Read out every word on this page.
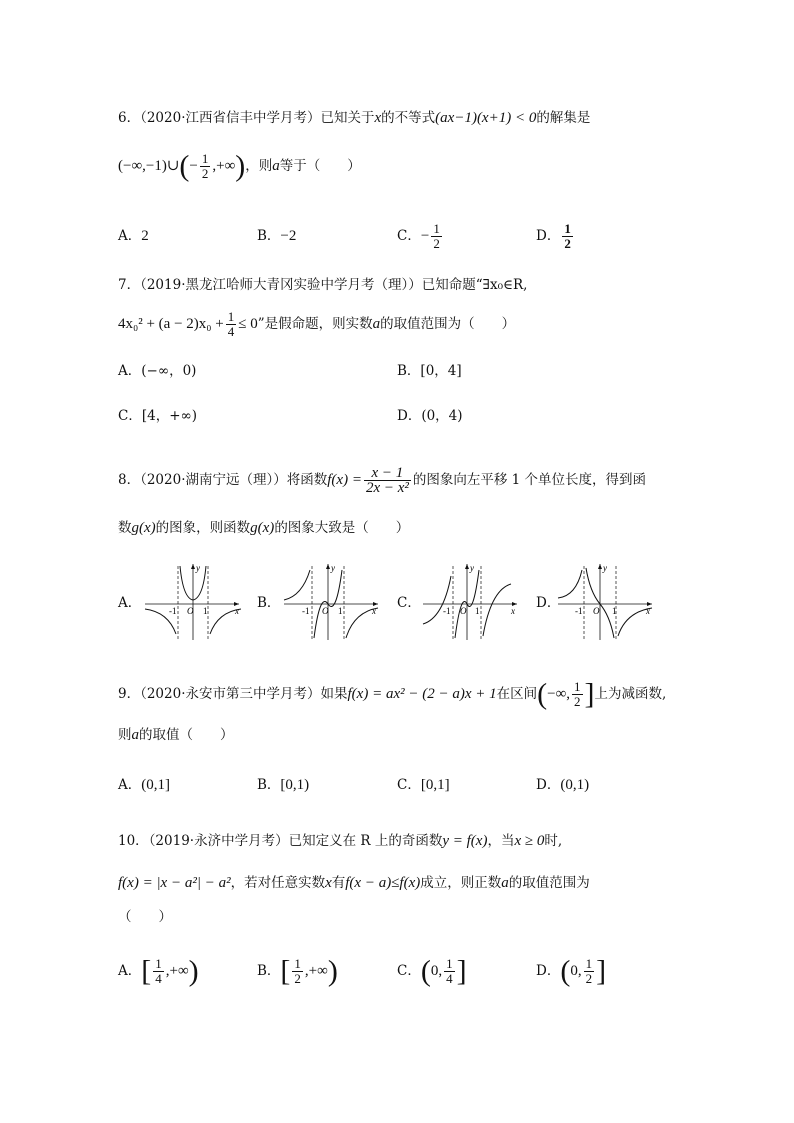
6．（2020·江西省信丰中学月考）已知关于x的不等式(ax−1)(x+1) < 0的解集是
(−∞,−1)∪(− $\frac{1}{2}$ ,+∞)，则a等于（　　）
A．2	B．−2	C．− $\frac{1}{2}$	D． $\frac{1}{2}$
7．（2019·黑龙江哈师大青冈实验中学月考（理））已知命题“∃x₀∈R,
$4x_0^2 + (a - 2)x_0 + \frac{1}{4} \le 0$”是假命题，则实数a的取值范围为（　　）
A．(−∞，0)	B．[0，4]
C．[4，+∞)	D．(0，4)
8．（2020·湖南宁远（理））将函数$f(x) = \frac{x - 1}{\text{2x − x²}}$ 的图象向左平移 1 个单位长度，得到函
数g(x)的图象，则函数g(x)的图象大致是（　　）
A．	B．	C．	D．
y
x
O
-1	1
y
x
O
-1	1
y
x
O
-1	1
y
x
O
-1	1
9．（2020·永安市第三中学月考）如果f(x) = ax² − (2 − a)x + 1在区间(−∞, $\frac{1}{2}$ ]上为减函数,
则a的取值（　　）
A．(0,1]	B．[0,1)	C．[0,1]	D．(0,1)
10．（2019·永济中学月考）已知定义在 R 上的奇函数y = f(x)，当x ≥ 0时,
f(x) = |x − a²| − a²，若对任意实数x有f(x − a)≤f(x)成立，则正数a的取值范围为
（　　）
A．[ $\frac{1}{4}$ ,+∞)	B．[ $\frac{1}{2}$ ,+∞)	C．(0, $\frac{1}{4}$ ]	D．(0, $\frac{1}{2}$ ]
